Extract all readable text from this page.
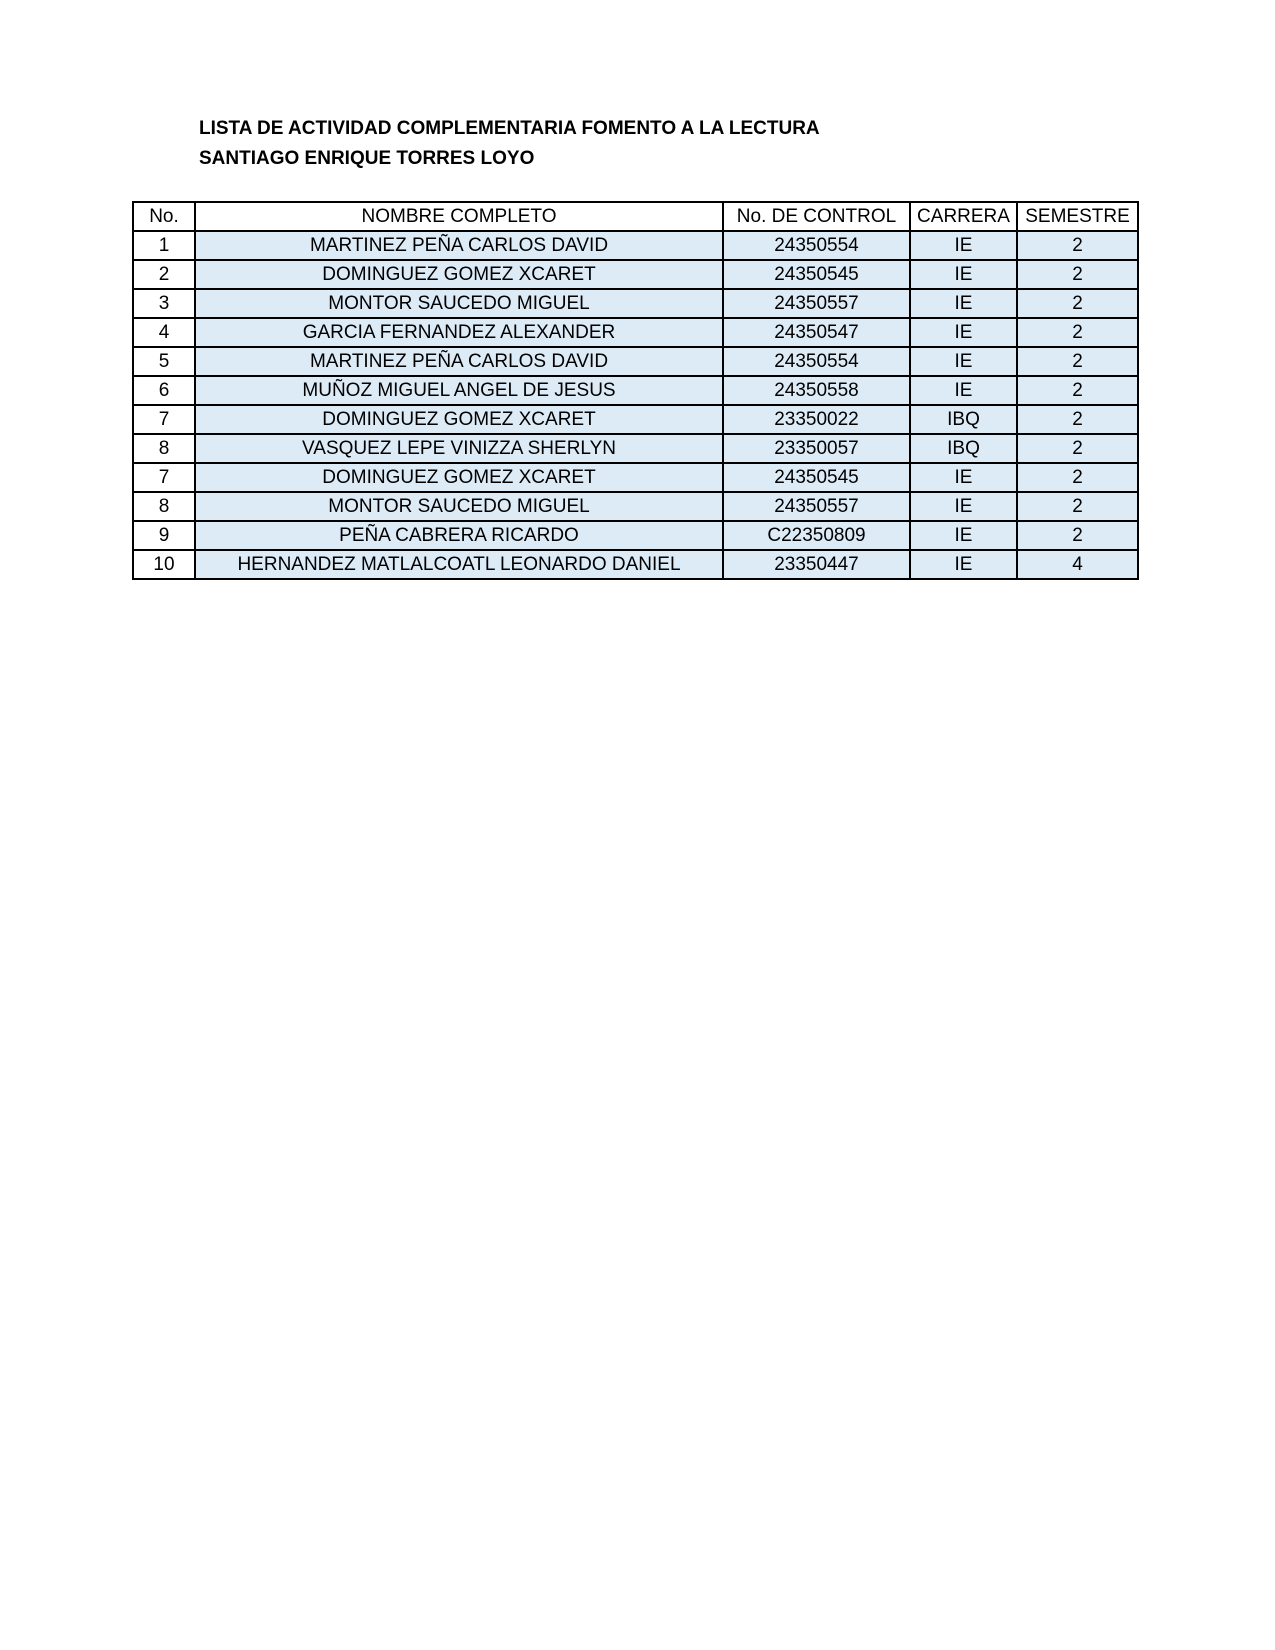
LISTA DE ACTIVIDAD COMPLEMENTARIA FOMENTO A LA LECTURA
SANTIAGO ENRIQUE TORRES LOYO
No.	NOMBRE COMPLETO	No. DE CONTROL	CARRERA	SEMESTRE
1	MARTINEZ PEÑA CARLOS DAVID	24350554	IE	2
2	DOMINGUEZ GOMEZ XCARET	24350545	IE	2
3	MONTOR SAUCEDO MIGUEL	24350557	IE	2
4	GARCIA FERNANDEZ ALEXANDER	24350547	IE	2
5	MARTINEZ PEÑA CARLOS DAVID	24350554	IE	2
6	MUÑOZ MIGUEL ANGEL DE JESUS	24350558	IE	2
7	DOMINGUEZ GOMEZ XCARET	23350022	IBQ	2
8	VASQUEZ LEPE VINIZZA SHERLYN	23350057	IBQ	2
7	DOMINGUEZ GOMEZ XCARET	24350545	IE	2
8	MONTOR SAUCEDO MIGUEL	24350557	IE	2
9	PEÑA CABRERA RICARDO	C22350809	IE	2
10	HERNANDEZ MATLALCOATL LEONARDO DANIEL	23350447	IE	4
